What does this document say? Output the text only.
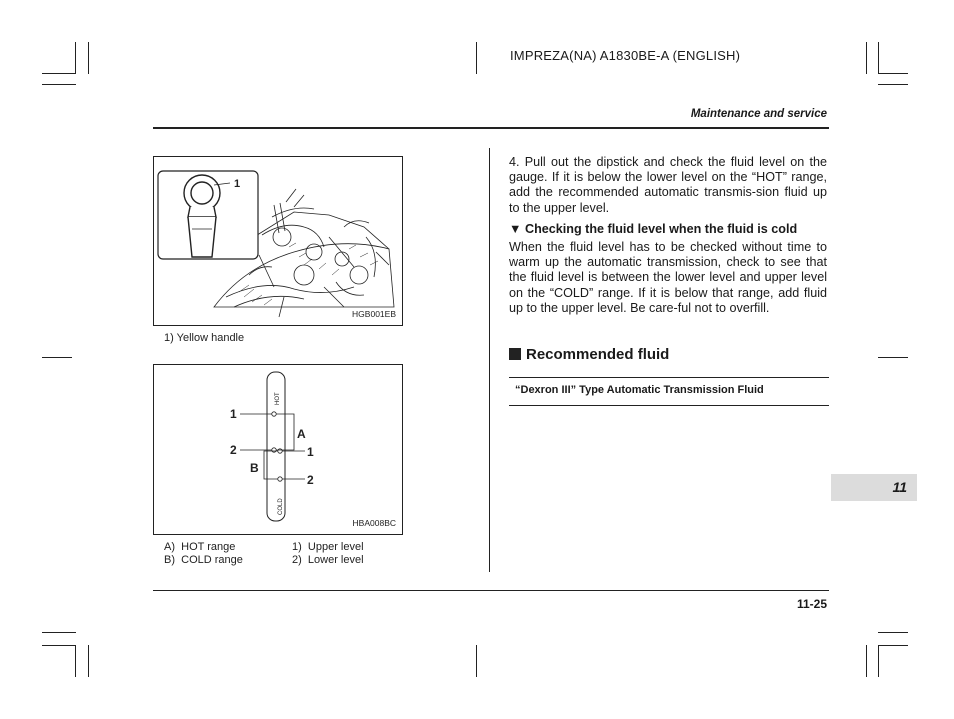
IMPREZA(NA) A1830BE-A (ENGLISH)
Maintenance and service
1
HGB001EB
1) Yellow handle
HOT
COLD
1
2
A
B
1
2
HBA008BC
A) HOT range
B) COLD range
1) Upper level
2) Lower level
4. Pull out the dipstick and check the fluid level on the gauge. If it is below the lower level on the “HOT” range, add the recommended automatic transmis-sion fluid up to the upper level.
▼ Checking the fluid level when the fluid is cold
When the fluid level has to be checked without time to warm up the automatic transmission, check to see that the fluid level is between the lower level and upper level on the “COLD” range. If it is below that range, add fluid up to the upper level. Be care-ful not to overfill.
Recommended fluid
“Dexron III” Type Automatic Transmission Fluid
11
11-25
